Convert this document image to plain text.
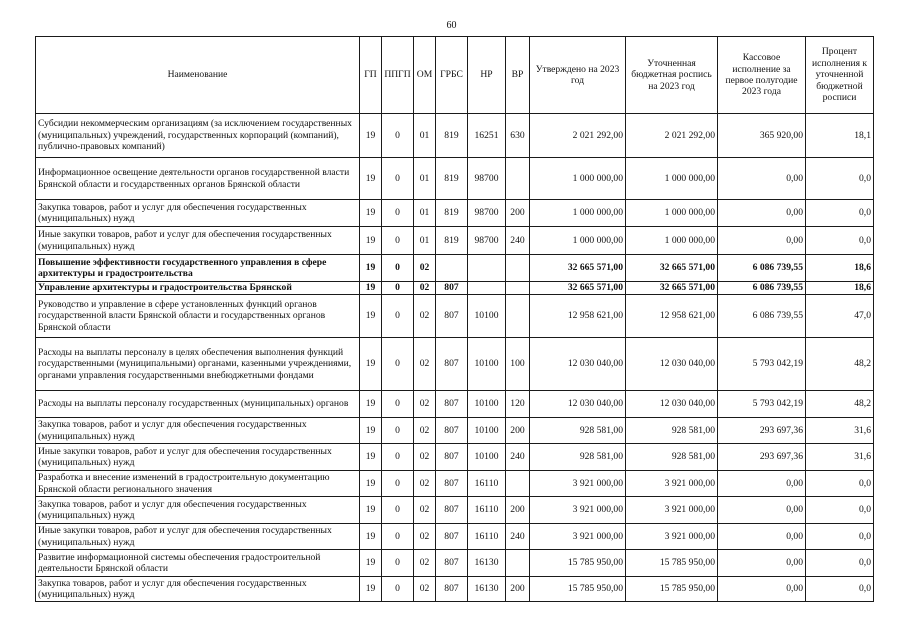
60
Наименование	ГП	ППГП	ОМ	ГРБС	НР	ВР	Утверждено на 2023 год	Уточненная бюджетная роспись на 2023 год	Кассовое исполнение за первое полугодие 2023 года	Процент исполнения к уточненной бюджетной росписи
Субсидии некоммерческим организациям (за исключением государственных (муниципальных) учреждений, государственных корпораций (компаний), публично-правовых компаний)	19	0	01	819	16251	630	2 021 292,00	2 021 292,00	365 920,00	18,1
Информационное освещение деятельности органов государственной власти Брянской области и государственных органов Брянской области	19	0	01	819	98700		1 000 000,00	1 000 000,00	0,00	0,0
Закупка товаров, работ и услуг для обеспечения государственных (муниципальных) нужд	19	0	01	819	98700	200	1 000 000,00	1 000 000,00	0,00	0,0
Иные закупки товаров, работ и услуг для обеспечения государственных (муниципальных) нужд	19	0	01	819	98700	240	1 000 000,00	1 000 000,00	0,00	0,0
Повышение эффективности государственного управления в сфере архитектуры и градостроительства	19	0	02				32 665 571,00	32 665 571,00	6 086 739,55	18,6
Управление архитектуры и градостроительства Брянской	19	0	02	807			32 665 571,00	32 665 571,00	6 086 739,55	18,6
Руководство и управление в сфере установленных функций органов государственной власти Брянской области и государственных органов Брянской области	19	0	02	807	10100		12 958 621,00	12 958 621,00	6 086 739,55	47,0
Расходы на выплаты персоналу в целях обеспечения выполнения функций государственными (муниципальными) органами, казенными учреждениями, органами управления государственными внебюджетными фондами	19	0	02	807	10100	100	12 030 040,00	12 030 040,00	5 793 042,19	48,2
Расходы на выплаты персоналу государственных (муниципальных) органов	19	0	02	807	10100	120	12 030 040,00	12 030 040,00	5 793 042,19	48,2
Закупка товаров, работ и услуг для обеспечения государственных (муниципальных) нужд	19	0	02	807	10100	200	928 581,00	928 581,00	293 697,36	31,6
Иные закупки товаров, работ и услуг для обеспечения государственных (муниципальных) нужд	19	0	02	807	10100	240	928 581,00	928 581,00	293 697,36	31,6
Разработка и внесение изменений в градостроительную документацию Брянской области регионального значения	19	0	02	807	16110		3 921 000,00	3 921 000,00	0,00	0,0
Закупка товаров, работ и услуг для обеспечения государственных (муниципальных) нужд	19	0	02	807	16110	200	3 921 000,00	3 921 000,00	0,00	0,0
Иные закупки товаров, работ и услуг для обеспечения государственных (муниципальных) нужд	19	0	02	807	16110	240	3 921 000,00	3 921 000,00	0,00	0,0
Развитие информационной системы обеспечения градостроительной деятельности Брянской области	19	0	02	807	16130		15 785 950,00	15 785 950,00	0,00	0,0
Закупка товаров, работ и услуг для обеспечения государственных (муниципальных) нужд	19	0	02	807	16130	200	15 785 950,00	15 785 950,00	0,00	0,0
